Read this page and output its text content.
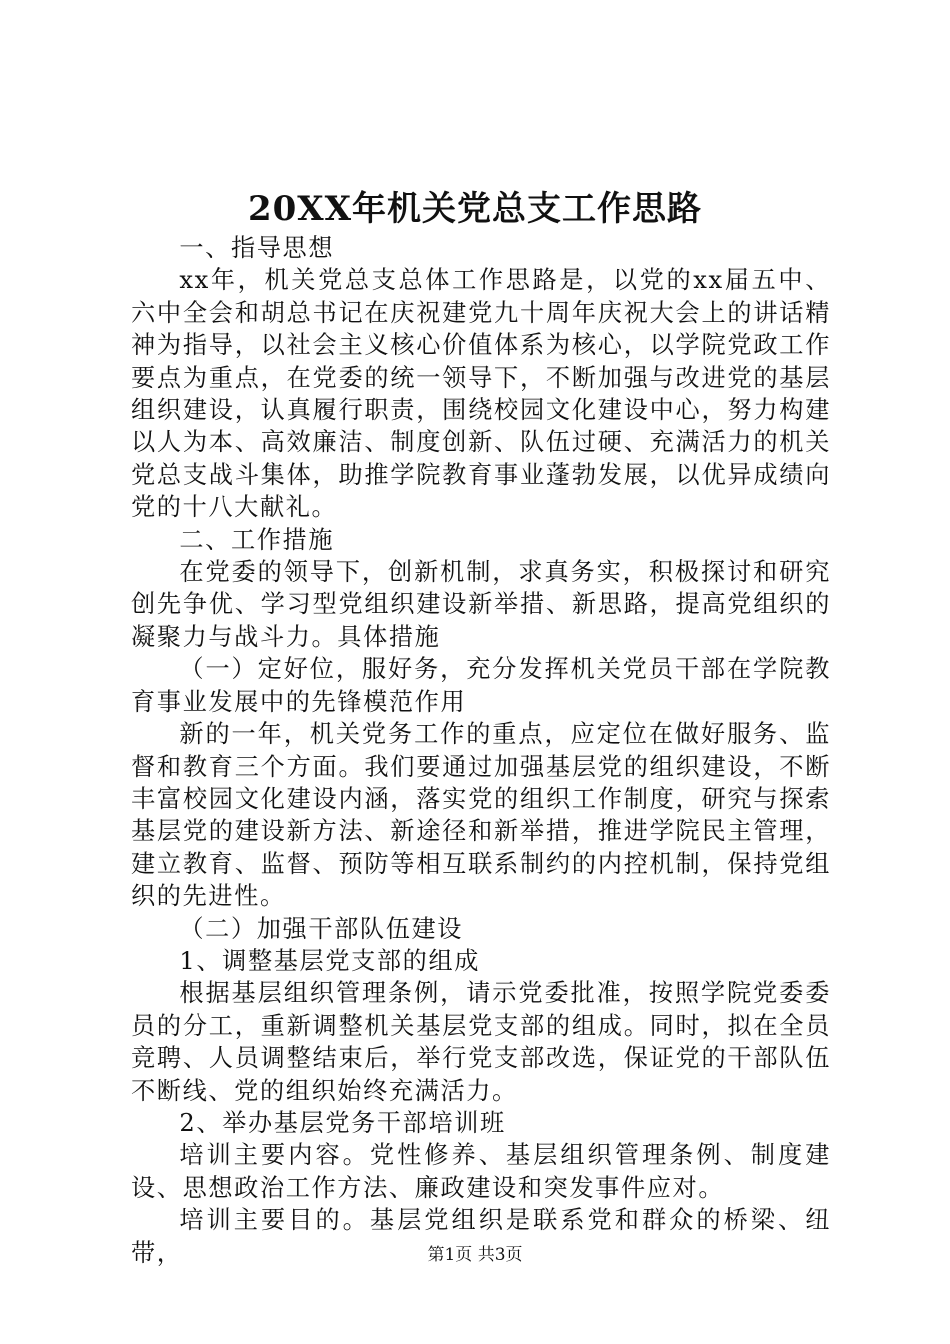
20XX年机关党总支工作思路

一、指导思想

xx年，机关党总支总体工作思路是，以党的xx届五中、六中全会和胡总书记在庆祝建党九十周年庆祝大会上的讲话精神为指导，以社会主义核心价值体系为核心，以学院党政工作要点为重点，在党委的统一领导下，不断加强与改进党的基层组织建设，认真履行职责，围绕校园文化建设中心，努力构建以人为本、高效廉洁、制度创新、队伍过硬、充满活力的机关党总支战斗集体，助推学院教育事业蓬勃发展，以优异成绩向党的十八大献礼。

二、工作措施

在党委的领导下，创新机制，求真务实，积极探讨和研究创先争优、学习型党组织建设新举措、新思路，提高党组织的凝聚力与战斗力。具体措施

（一）定好位，服好务，充分发挥机关党员干部在学院教育事业发展中的先锋模范作用

新的一年，机关党务工作的重点，应定位在做好服务、监督和教育三个方面。我们要通过加强基层党的组织建设，不断丰富校园文化建设内涵，落实党的组织工作制度，研究与探索基层党的建设新方法、新途径和新举措，推进学院民主管理，建立教育、监督、预防等相互联系制约的内控机制，保持党组织的先进性。

（二）加强干部队伍建设

1、调整基层党支部的组成

根据基层组织管理条例，请示党委批准，按照学院党委委员的分工，重新调整机关基层党支部的组成。同时，拟在全员竞聘、人员调整结束后，举行党支部改选，保证党的干部队伍不断线、党的组织始终充满活力。

2、举办基层党务干部培训班

培训主要内容。党性修养、基层组织管理条例、制度建设、思想政治工作方法、廉政建设和突发事件应对。

培训主要目的。基层党组织是联系党和群众的桥梁、纽带，	第1页 共3页
